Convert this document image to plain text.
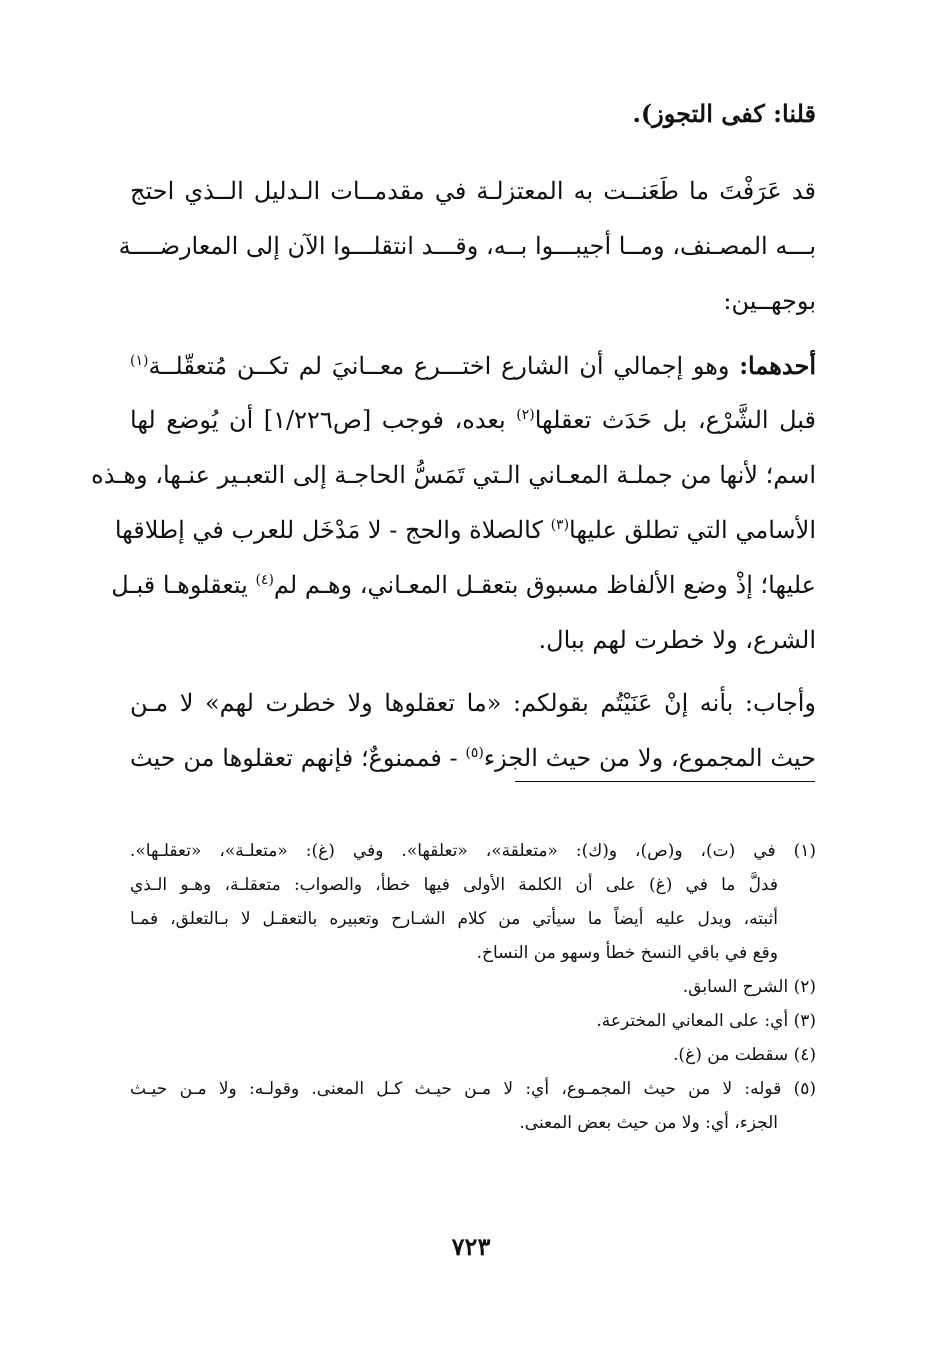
قلنا: كفى التجوز).
قد عَرَفْتَ ما طَعَنــت به المعتزلـة في مقدمــات الـدليل الــذي احتج
بـــه المصـنف، ومــا أجيبـــوا بــه، وقـــد انتقلـــوا الآن إلى المعارضــــة
بوجهــين:
أحدهما: وهو إجمالي أن الشارع اختـــرع معــانيَ لم تكــن مُتعقّلــة$^{(١)}$
قبل الشَّرْع، بل حَدَث تعقلها$^{(٢)}$ بعده، فوجب [ص١/٢٢٦] أن يُوضع لها
اسم؛ لأنها من جملـة المعـاني الـتي تَمَسُّ الحاجـة إلى التعبـير عنـها، وهـذه
الأسامي التي تطلق عليها$^{(٣)}$ كالصلاة والحج - لا مَدْخَل للعرب في إطلاقها
عليها؛ إذْ وضع الألفاظ مسبوق بتعقـل المعـاني، وهـم لم$^{(٤)}$ يتعقلوهـا قبـل
الشرع، ولا خطرت لهم ببال.
وأجاب: بأنه إنْ عَنَيْتُم بقولكم: «ما تعقلوها ولا خطرت لهم» لا مـن
حيث المجموع، ولا من حيث الجزء$^{(٥)}$ - فممنوعٌ؛ فإنهم تعقلوها من حيث
(١) في (ت)، و(ص)، و(ك): «متعلقة»، «تعلقها». وفي (غ): «متعلـة»، «تعقلـها».
فدلَّ ما في (غ) على أن الكلمة الأولى فيها خطأ، والصواب: متعقلـة، وهـو الـذي
أثبته، ويدل عليه أيضاً ما سيأتي من كلام الشـارح وتعبيره بالتعقـل لا بـالتعلق، فمـا
وقع في باقي النسخ خطأ وسهو من النساخ.
(٢) الشرح السابق.
(٣) أي: على المعاني المخترعة.
(٤) سقطت من (غ).
(٥) قوله: لا من حيث المجمـوع، أي: لا مـن حيـث كـل المعنى. وقولـه: ولا مـن حيـث
الجزء، أي: ولا من حيث بعض المعنى.
٧٢٣
